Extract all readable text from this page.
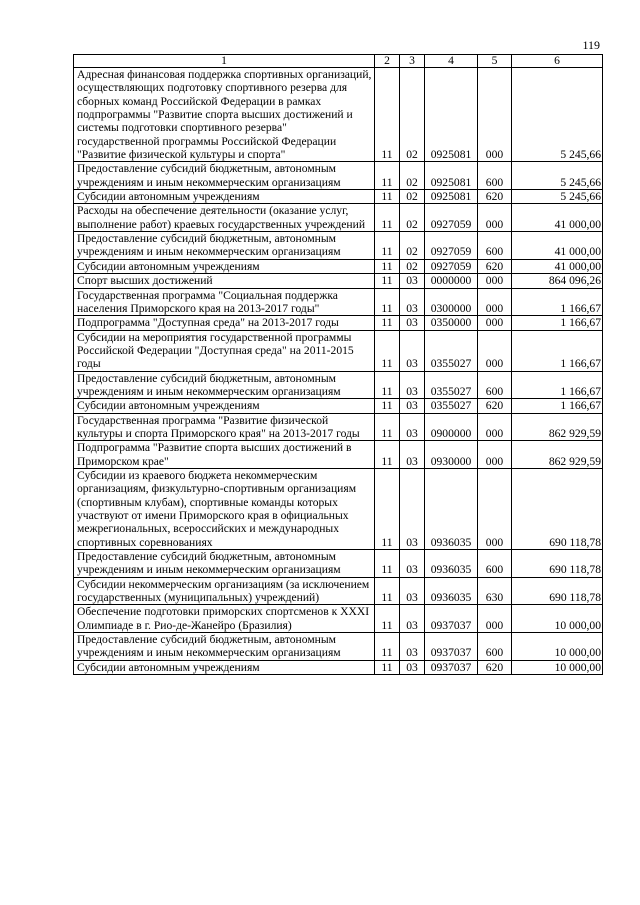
119
1	2	3	4	5	6
Адресная финансовая поддержка спортивных организаций, осуществляющих подготовку спортивного резерва для сборных команд Российской Федерации в рамках подпрограммы "Развитие спорта высших достижений и системы подготовки спортивного резерва" государственной программы Российской Федерации "Развитие физической культуры и спорта"	11	02	0925081	000	5 245,66
Предоставление субсидий бюджетным, автономным учреждениям и иным некоммерческим организациям	11	02	0925081	600	5 245,66
Субсидии автономным учреждениям	11	02	0925081	620	5 245,66
Расходы на обеспечение деятельности (оказание услуг, выполнение работ) краевых государственных учреждений	11	02	0927059	000	41 000,00
Предоставление субсидий бюджетным, автономным учреждениям и иным некоммерческим организациям	11	02	0927059	600	41 000,00
Субсидии автономным учреждениям	11	02	0927059	620	41 000,00
Спорт высших достижений	11	03	0000000	000	864 096,26
Государственная программа "Социальная поддержка населения Приморского края на 2013-2017 годы"	11	03	0300000	000	1 166,67
Подпрограмма "Доступная среда" на 2013-2017 годы	11	03	0350000	000	1 166,67
Субсидии на мероприятия государственной программы Российской Федерации "Доступная среда" на 2011-2015 годы	11	03	0355027	000	1 166,67
Предоставление субсидий бюджетным, автономным учреждениям и иным некоммерческим организациям	11	03	0355027	600	1 166,67
Субсидии автономным учреждениям	11	03	0355027	620	1 166,67
Государственная программа "Развитие физической культуры и спорта Приморского края" на 2013-2017 годы	11	03	0900000	000	862 929,59
Подпрограмма "Развитие спорта высших достижений в Приморском крае"	11	03	0930000	000	862 929,59
Субсидии из краевого бюджета некоммерческим организациям, физкультурно-спортивным организациям (спортивным клубам), спортивные команды которых участвуют от имени Приморского края в официальных межрегиональных, всероссийских и международных спортивных соревнованиях	11	03	0936035	000	690 118,78
Предоставление субсидий бюджетным, автономным учреждениям и иным некоммерческим организациям	11	03	0936035	600	690 118,78
Субсидии некоммерческим организациям (за исключением государственных (муниципальных) учреждений)	11	03	0936035	630	690 118,78
Обеспечение подготовки приморских спортсменов к XXXI Олимпиаде в г. Рио-де-Жанейро (Бразилия)	11	03	0937037	000	10 000,00
Предоставление субсидий бюджетным, автономным учреждениям и иным некоммерческим организациям	11	03	0937037	600	10 000,00
Субсидии автономным учреждениям	11	03	0937037	620	10 000,00
